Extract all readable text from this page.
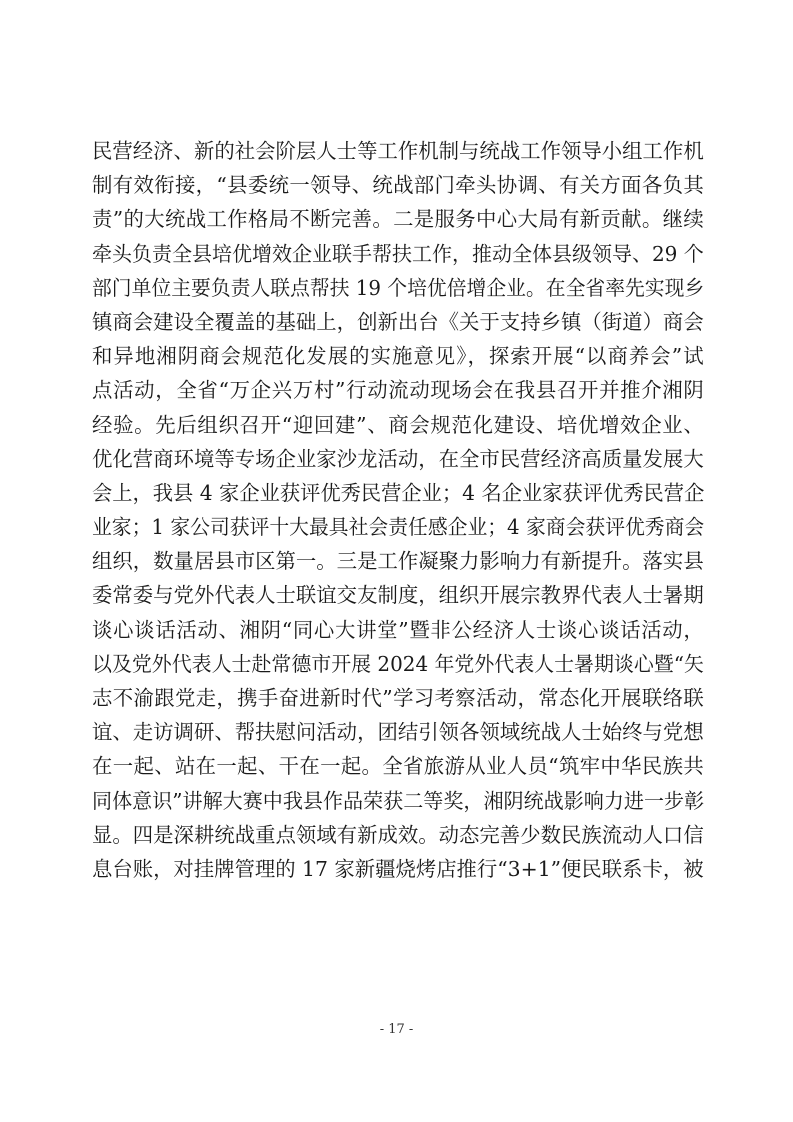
民营经济、新的社会阶层人士等工作机制与统战工作领导小组工作机
制有效衔接，“县委统一领导、统战部门牵头协调、有关方面各负其
责”的大统战工作格局不断完善。二是服务中心大局有新贡献。继续
牵头负责全县培优增效企业联手帮扶工作，推动全体县级领导、29 个
部门单位主要负责人联点帮扶 19 个培优倍增企业。在全省率先实现乡
镇商会建设全覆盖的基础上，创新出台《关于支持乡镇（街道）商会
和异地湘阴商会规范化发展的实施意见》，探索开展“以商养会”试
点活动，全省“万企兴万村”行动流动现场会在我县召开并推介湘阴
经验。先后组织召开“迎回建”、商会规范化建设、培优增效企业、
优化营商环境等专场企业家沙龙活动，在全市民营经济高质量发展大
会上，我县 4 家企业获评优秀民营企业；4 名企业家获评优秀民营企
业家；1 家公司获评十大最具社会责任感企业；4 家商会获评优秀商会
组织，数量居县市区第一。三是工作凝聚力影响力有新提升。落实县
委常委与党外代表人士联谊交友制度，组织开展宗教界代表人士暑期
谈心谈话活动、湘阴“同心大讲堂”暨非公经济人士谈心谈话活动，
以及党外代表人士赴常德市开展 2024 年党外代表人士暑期谈心暨“矢
志不渝跟党走，携手奋进新时代”学习考察活动，常态化开展联络联
谊、走访调研、帮扶慰问活动，团结引领各领域统战人士始终与党想
在一起、站在一起、干在一起。全省旅游从业人员“筑牢中华民族共
同体意识”讲解大赛中我县作品荣获二等奖，湘阴统战影响力进一步彰
显。四是深耕统战重点领域有新成效。动态完善少数民族流动人口信
息台账，对挂牌管理的 17 家新疆烧烤店推行“3+1”便民联系卡，被
- 17 -
